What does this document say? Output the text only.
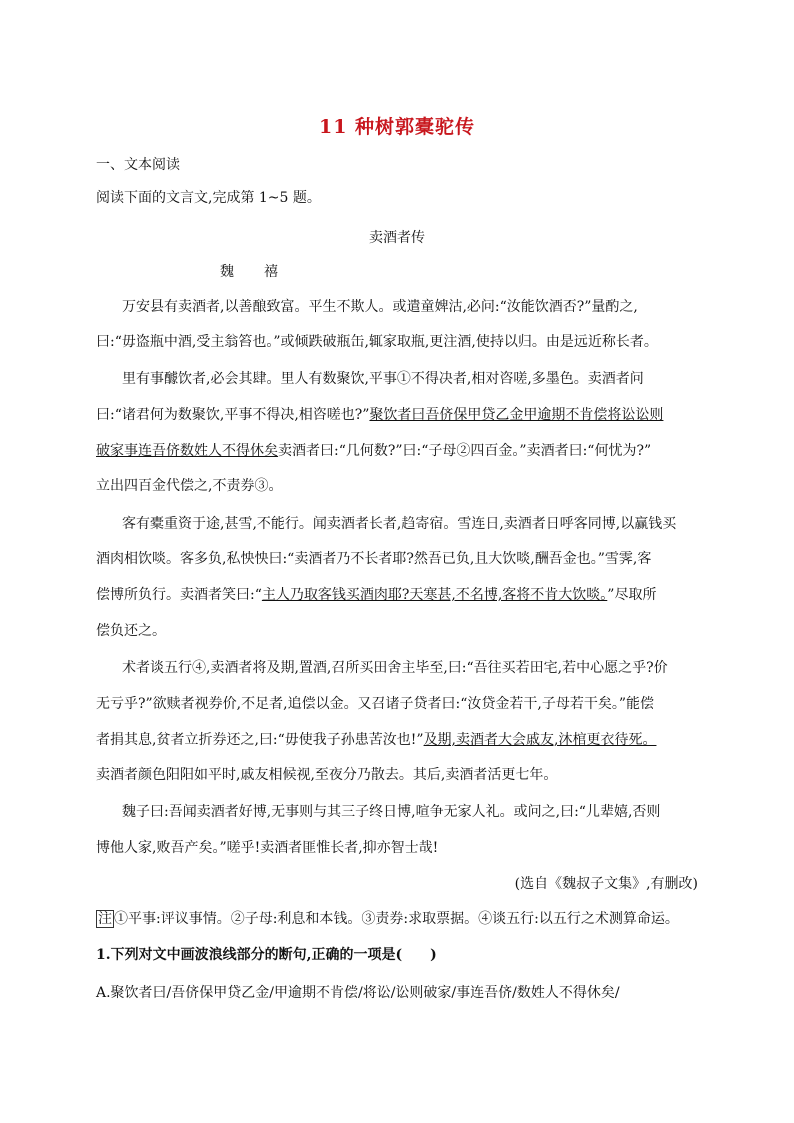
11 种树郭橐驼传
一、文本阅读
阅读下面的文言文,完成第 1~5 题。
卖酒者传
魏　禧
万安县有卖酒者,以善酿致富。平生不欺人。或遣童婢沽,必问:“汝能饮酒否?”量酌之,
曰:“毋盗瓶中酒,受主翁笞也。”或倾跌破瓶缶,辄家取瓶,更注酒,使持以归。由是远近称长者。
里有事醵饮者,必会其肆。里人有数聚饮,平事①不得决者,相对咨嗟,多墨色。卖酒者问
曰:“诸君何为数聚饮,平事不得决,相咨嗟也?”聚饮者曰吾侪保甲贷乙金甲逾期不肯偿将讼讼则
破家事连吾侪数姓人不得休矣卖酒者曰:“几何数?”曰:“子母②四百金。”卖酒者曰:“何忧为?”
立出四百金代偿之,不责券③。
客有橐重资于途,甚雪,不能行。闻卖酒者长者,趋寄宿。雪连日,卖酒者日呼客同博,以赢钱买
酒肉相饮啖。客多负,私怏怏曰:“卖酒者乃不长者耶?然吾已负,且大饮啖,酬吾金也。”雪霁,客
偿博所负行。卖酒者笑曰:“主人乃取客钱买酒肉耶?天寒甚,不名博,客将不肯大饮啖。”尽取所
偿负还之。
术者谈五行④,卖酒者将及期,置酒,召所买田舍主毕至,曰:“吾往买若田宅,若中心愿之乎?价
无亏乎?”欲赎者视券价,不足者,追偿以金。又召诸子贷者曰:“汝贷金若干,子母若干矣。”能偿
者捐其息,贫者立折券还之,曰:“毋使我子孙患苦汝也!”及期,卖酒者大会戚友,沐棺更衣待死。
卖酒者颜色阳阳如平时,戚友相候视,至夜分乃散去。其后,卖酒者活更七年。
魏子曰:吾闻卖酒者好博,无事则与其三子终日博,喧争无家人礼。或问之,曰:“儿辈嬉,否则
博他人家,败吾产矣。”嗟乎!卖酒者匪惟长者,抑亦智士哉!
(选自《魏叔子文集》,有删改)
注 ①平事:评议事情。②子母:利息和本钱。③责券:求取票据。④谈五行:以五行之术测算命运。
1.下列对文中画波浪线部分的断句,正确的一项是(　　)
A.聚饮者曰/吾侪保甲贷乙金/甲逾期不肯偿/将讼/讼则破家/事连吾侪/数姓人不得休矣/
